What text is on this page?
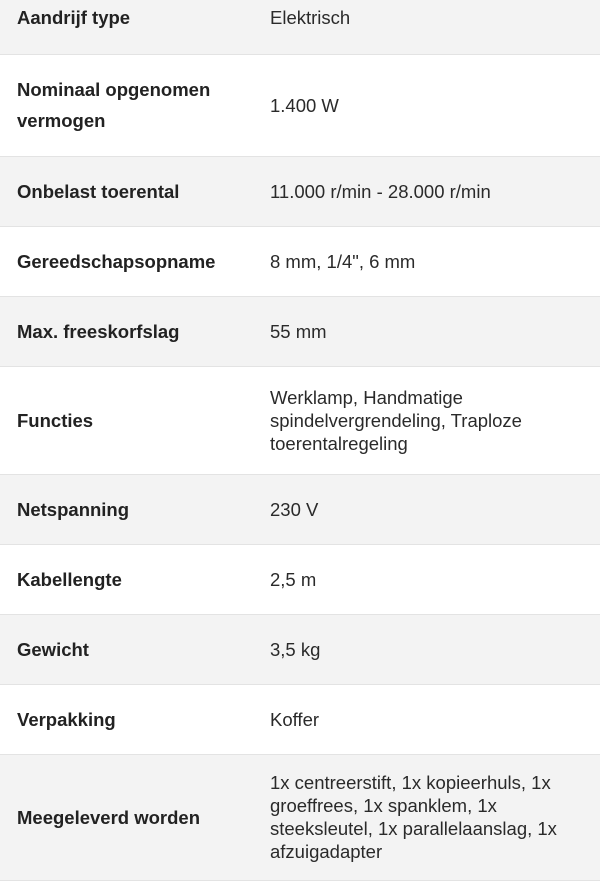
Aandrijf type	Elektrisch
Nominaal opgenomen vermogen	1.400 W
Onbelast toerental	11.000 r/min - 28.000 r/min
Gereedschapsopname	8 mm, 1/4", 6 mm
Max. freeskorfslag	55 mm
Functies	Werklamp, Handmatige spindelvergrendeling, Traploze toerentalregeling
Netspanning	230 V
Kabellengte	2,5 m
Gewicht	3,5 kg
Verpakking	Koffer
Meegeleverd worden	1x centreerstift, 1x kopieerhuls, 1x groeffrees, 1x spanklem, 1x steeksleutel, 1x parallelaanslag, 1x afzuigadapter
